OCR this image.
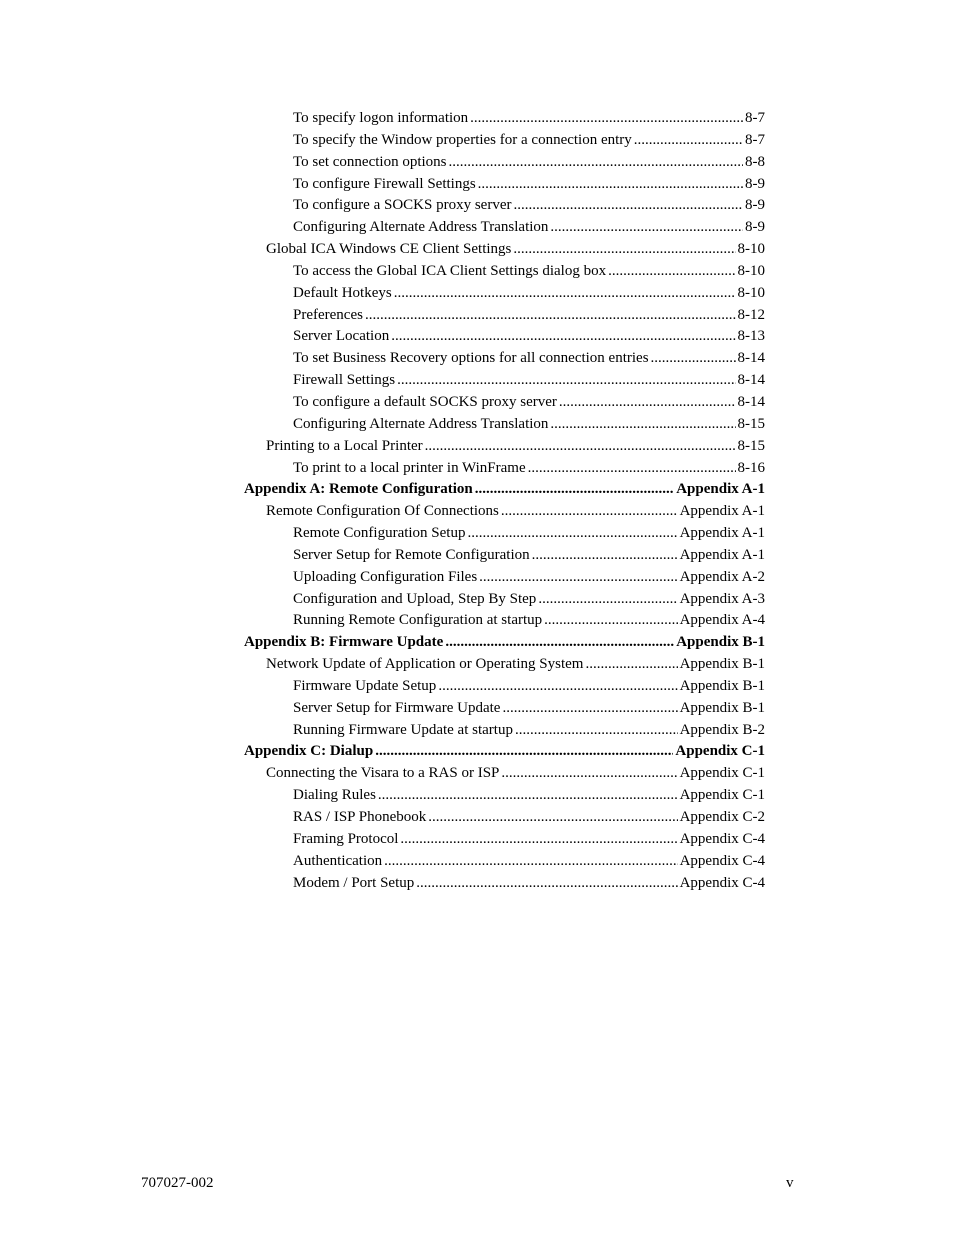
To specify logon information .....	8-7
To specify the Window properties for a connection entry .....	8-7
To set connection options .....	8-8
To configure Firewall Settings .....	8-9
To configure a SOCKS proxy server .....	8-9
Configuring Alternate Address Translation .....	8-9
Global ICA Windows CE Client Settings .....	8-10
To access the Global ICA Client Settings dialog box .....	8-10
Default Hotkeys .....	8-10
Preferences .....	8-12
Server Location .....	8-13
To set Business Recovery options for all connection entries .....	8-14
Firewall Settings .....	8-14
To configure a default SOCKS proxy server .....	8-14
Configuring Alternate Address Translation .....	8-15
Printing to a Local Printer .....	8-15
To print to a local printer in WinFrame .....	8-16
Appendix A: Remote Configuration .....	Appendix A-1
Remote Configuration Of Connections .....	Appendix A-1
Remote Configuration Setup .....	Appendix A-1
Server Setup for Remote Configuration .....	Appendix A-1
Uploading Configuration Files .....	Appendix A-2
Configuration and Upload, Step By Step .....	Appendix A-3
Running Remote Configuration at startup .....	Appendix A-4
Appendix B: Firmware Update .....	Appendix B-1
Network Update of Application or Operating System .....	Appendix B-1
Firmware Update Setup .....	Appendix B-1
Server Setup for Firmware Update .....	Appendix B-1
Running Firmware Update at startup .....	Appendix B-2
Appendix C: Dialup .....	Appendix C-1
Connecting the Visara to a RAS or ISP .....	Appendix C-1
Dialing Rules .....	Appendix C-1
RAS / ISP Phonebook .....	Appendix C-2
Framing Protocol .....	Appendix C-4
Authentication .....	Appendix C-4
Modem / Port Setup .....	Appendix C-4
707027-002	v
